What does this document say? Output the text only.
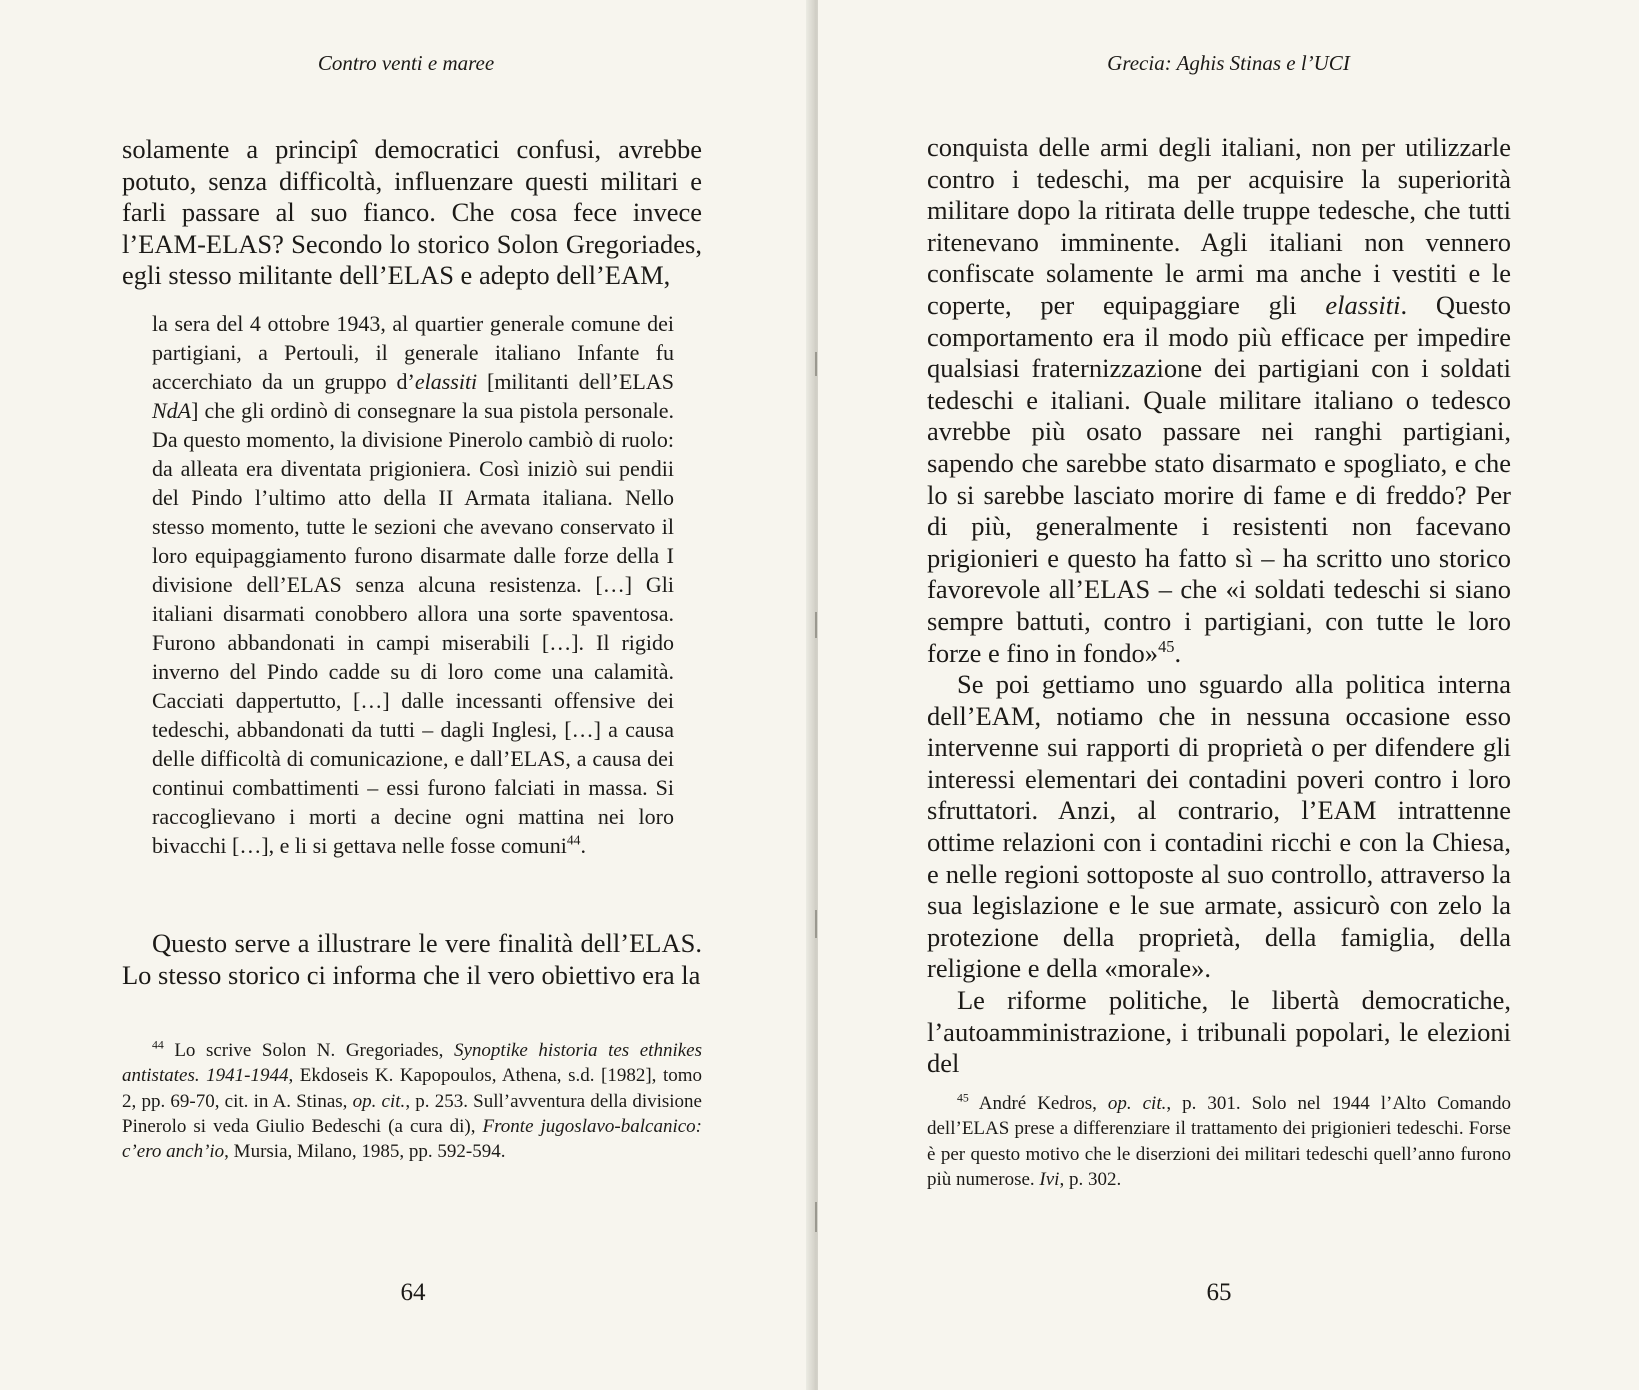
Contro venti e maree

solamente a principî democratici confusi, avrebbe potuto, senza difficoltà, influenzare questi militari e farli passare al suo fianco. Che cosa fece invece l’EAM-ELAS? Secondo lo storico Solon Gregoriades, egli stesso militante dell’ELAS e adepto dell’EAM,

la sera del 4 ottobre 1943, al quartier generale comune dei partigiani, a Pertouli, il generale italiano Infante fu accerchiato da un gruppo d’elassiti [militanti dell’ELAS NdA] che gli ordinò di consegnare la sua pistola personale. Da questo momento, la divisione Pinerolo cambiò di ruolo: da alleata era diventata prigioniera. Così iniziò sui pendii del Pindo l’ultimo atto della II Armata italiana. Nello stesso momento, tutte le sezioni che avevano conservato il loro equipaggiamento furono disarmate dalle forze della I divisione dell’ELAS senza alcuna resistenza. […] Gli italiani disarmati conobbero allora una sorte spaventosa. Furono abbandonati in campi miserabili […]. Il rigido inverno del Pindo cadde su di loro come una calamità. Cacciati dappertutto, […] dalle incessanti offensive dei tedeschi, abbandonati da tutti – dagli Inglesi, […] a causa delle difficoltà di comunicazione, e dall’ELAS, a causa dei continui combattimenti – essi furono falciati in massa. Si raccoglievano i morti a decine ogni mattina nei loro bivacchi […], e li si gettava nelle fosse comuni$^{44}$.

Questo serve a illustrare le vere finalità dell’ELAS. Lo stesso storico ci informa che il vero obiettivo era la

$^{44}$ Lo scrive Solon N. Gregoriades, Synoptike historia tes ethnikes antistates. 1941-1944, Ekdoseis K. Kapopoulos, Athena, s.d. [1982], tomo 2, pp. 69-70, cit. in A. Stinas, op. cit., p. 253. Sull’avventura della divisione Pinerolo si veda Giulio Bedeschi (a cura di), Fronte jugoslavo-balcanico: c’ero anch’io, Mursia, Milano, 1985, pp. 592-594.

64
Grecia: Aghis Stinas e l’UCI

conquista delle armi degli italiani, non per utilizzarle contro i tedeschi, ma per acquisire la superiorità militare dopo la ritirata delle truppe tedesche, che tutti ritenevano imminente. Agli italiani non vennero confiscate solamente le armi ma anche i vestiti e le coperte, per equipaggiare gli elassiti. Questo comportamento era il modo più efficace per impedire qualsiasi fraternizzazione dei partigiani con i soldati tedeschi e italiani. Quale militare italiano o tedesco avrebbe più osato passare nei ranghi partigiani, sapendo che sarebbe stato disarmato e spogliato, e che lo si sarebbe lasciato morire di fame e di freddo? Per di più, generalmente i resistenti non facevano prigionieri e questo ha fatto sì – ha scritto uno storico favorevole all’ELAS – che «i soldati tedeschi si siano sempre battuti, contro i partigiani, con tutte le loro forze e fino in fondo»$^{45}$.

Se poi gettiamo uno sguardo alla politica interna dell’EAM, notiamo che in nessuna occasione esso intervenne sui rapporti di proprietà o per difendere gli interessi elementari dei contadini poveri contro i loro sfruttatori. Anzi, al contrario, l’EAM intrattenne ottime relazioni con i contadini ricchi e con la Chiesa, e nelle regioni sottoposte al suo controllo, attraverso la sua legislazione e le sue armate, assicurò con zelo la protezione della proprietà, della famiglia, della religione e della «morale».

Le riforme politiche, le libertà democratiche, l’autoamministrazione, i tribunali popolari, le elezioni del

$^{45}$ André Kedros, op. cit., p. 301. Solo nel 1944 l’Alto Comando dell’ELAS prese a differenziare il trattamento dei prigionieri tedeschi. Forse è per questo motivo che le diserzioni dei militari tedeschi quell’anno furono più numerose. Ivi, p. 302.

65
